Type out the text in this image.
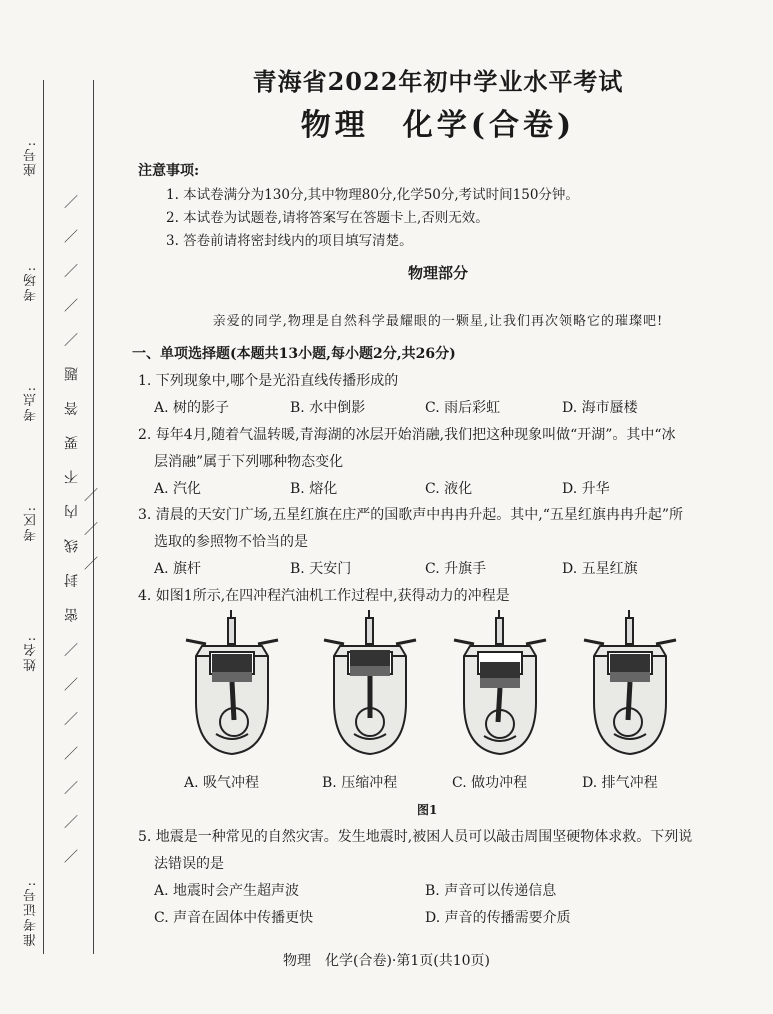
座号:
考场:
考点:
考区:
姓名:
准考证号:
／ ／ ／ ／ ／ ／ ／ 密 封 线 内 不 要 答 题 ／ ／ ／ ／ ／ ／ ／ ／
青海省2022年初中学业水平考试
物理　化学(合卷)
注意事项:
1. 本试卷满分为130分,其中物理80分,化学50分,考试时间150分钟。
2. 本试卷为试题卷,请将答案写在答题卡上,否则无效。
3. 答卷前请将密封线内的项目填写清楚。
物理部分
亲爱的同学,物理是自然科学最耀眼的一颗星,让我们再次领略它的璀璨吧!
一、单项选择题(本题共13小题,每小题2分,共26分)
1. 下列现象中,哪个是光沿直线传播形成的
A. 树的影子	B. 水中倒影	C. 雨后彩虹	D. 海市蜃楼
2. 每年4月,随着气温转暖,青海湖的冰层开始消融,我们把这种现象叫做“开湖”。其中“冰
层消融”属于下列哪种物态变化
A. 汽化	B. 熔化	C. 液化	D. 升华
3. 清晨的天安门广场,五星红旗在庄严的国歌声中冉冉升起。其中,“五星红旗冉冉升起”所
选取的参照物不恰当的是
A. 旗杆	B. 天安门	C. 升旗手	D. 五星红旗
4. 如图1所示,在四冲程汽油机工作过程中,获得动力的冲程是
A. 吸气冲程	B. 压缩冲程	C. 做功冲程	D. 排气冲程
图1
5. 地震是一种常见的自然灾害。发生地震时,被困人员可以敲击周围坚硬物体求救。下列说
法错误的是
A. 地震时会产生超声波	B. 声音可以传递信息
C. 声音在固体中传播更快	D. 声音的传播需要介质
物理　化学(合卷)·第1页(共10页)
